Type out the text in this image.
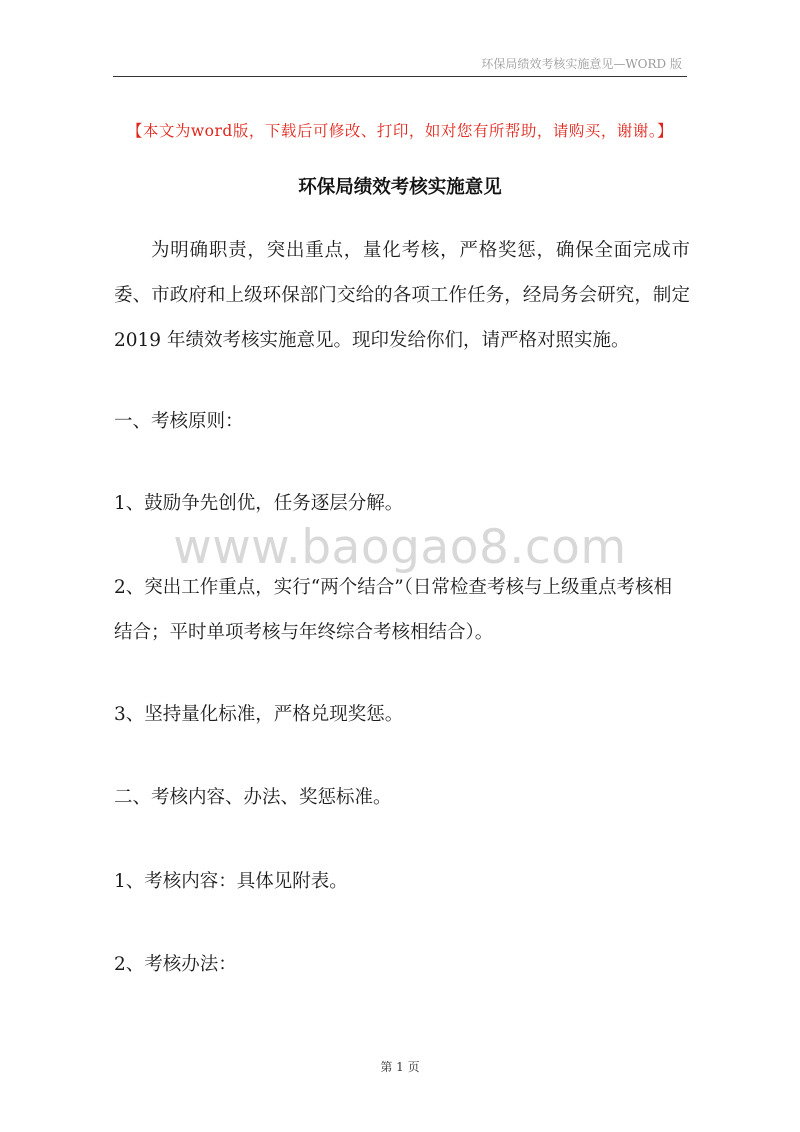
环保局绩效考核实施意见—WORD 版
【本文为word版，下载后可修改、打印，如对您有所帮助，请购买，谢谢。】
环保局绩效考核实施意见

为明确职责，突出重点，量化考核，严格奖惩，确保全面完成市委、市政府和上级环保部门交给的各项工作任务，经局务会研究，制定 2019 年绩效考核实施意见。现印发给你们，请严格对照实施。

一、考核原则：

1、鼓励争先创优，任务逐层分解。

2、突出工作重点，实行“两个结合”（日常检查考核与上级重点考核相结合；平时单项考核与年终综合考核相结合）。

3、坚持量化标准，严格兑现奖惩。

二、考核内容、办法、奖惩标准。

1、考核内容：具体见附表。

2、考核办法：

www.baogao8.com
第 1 页
